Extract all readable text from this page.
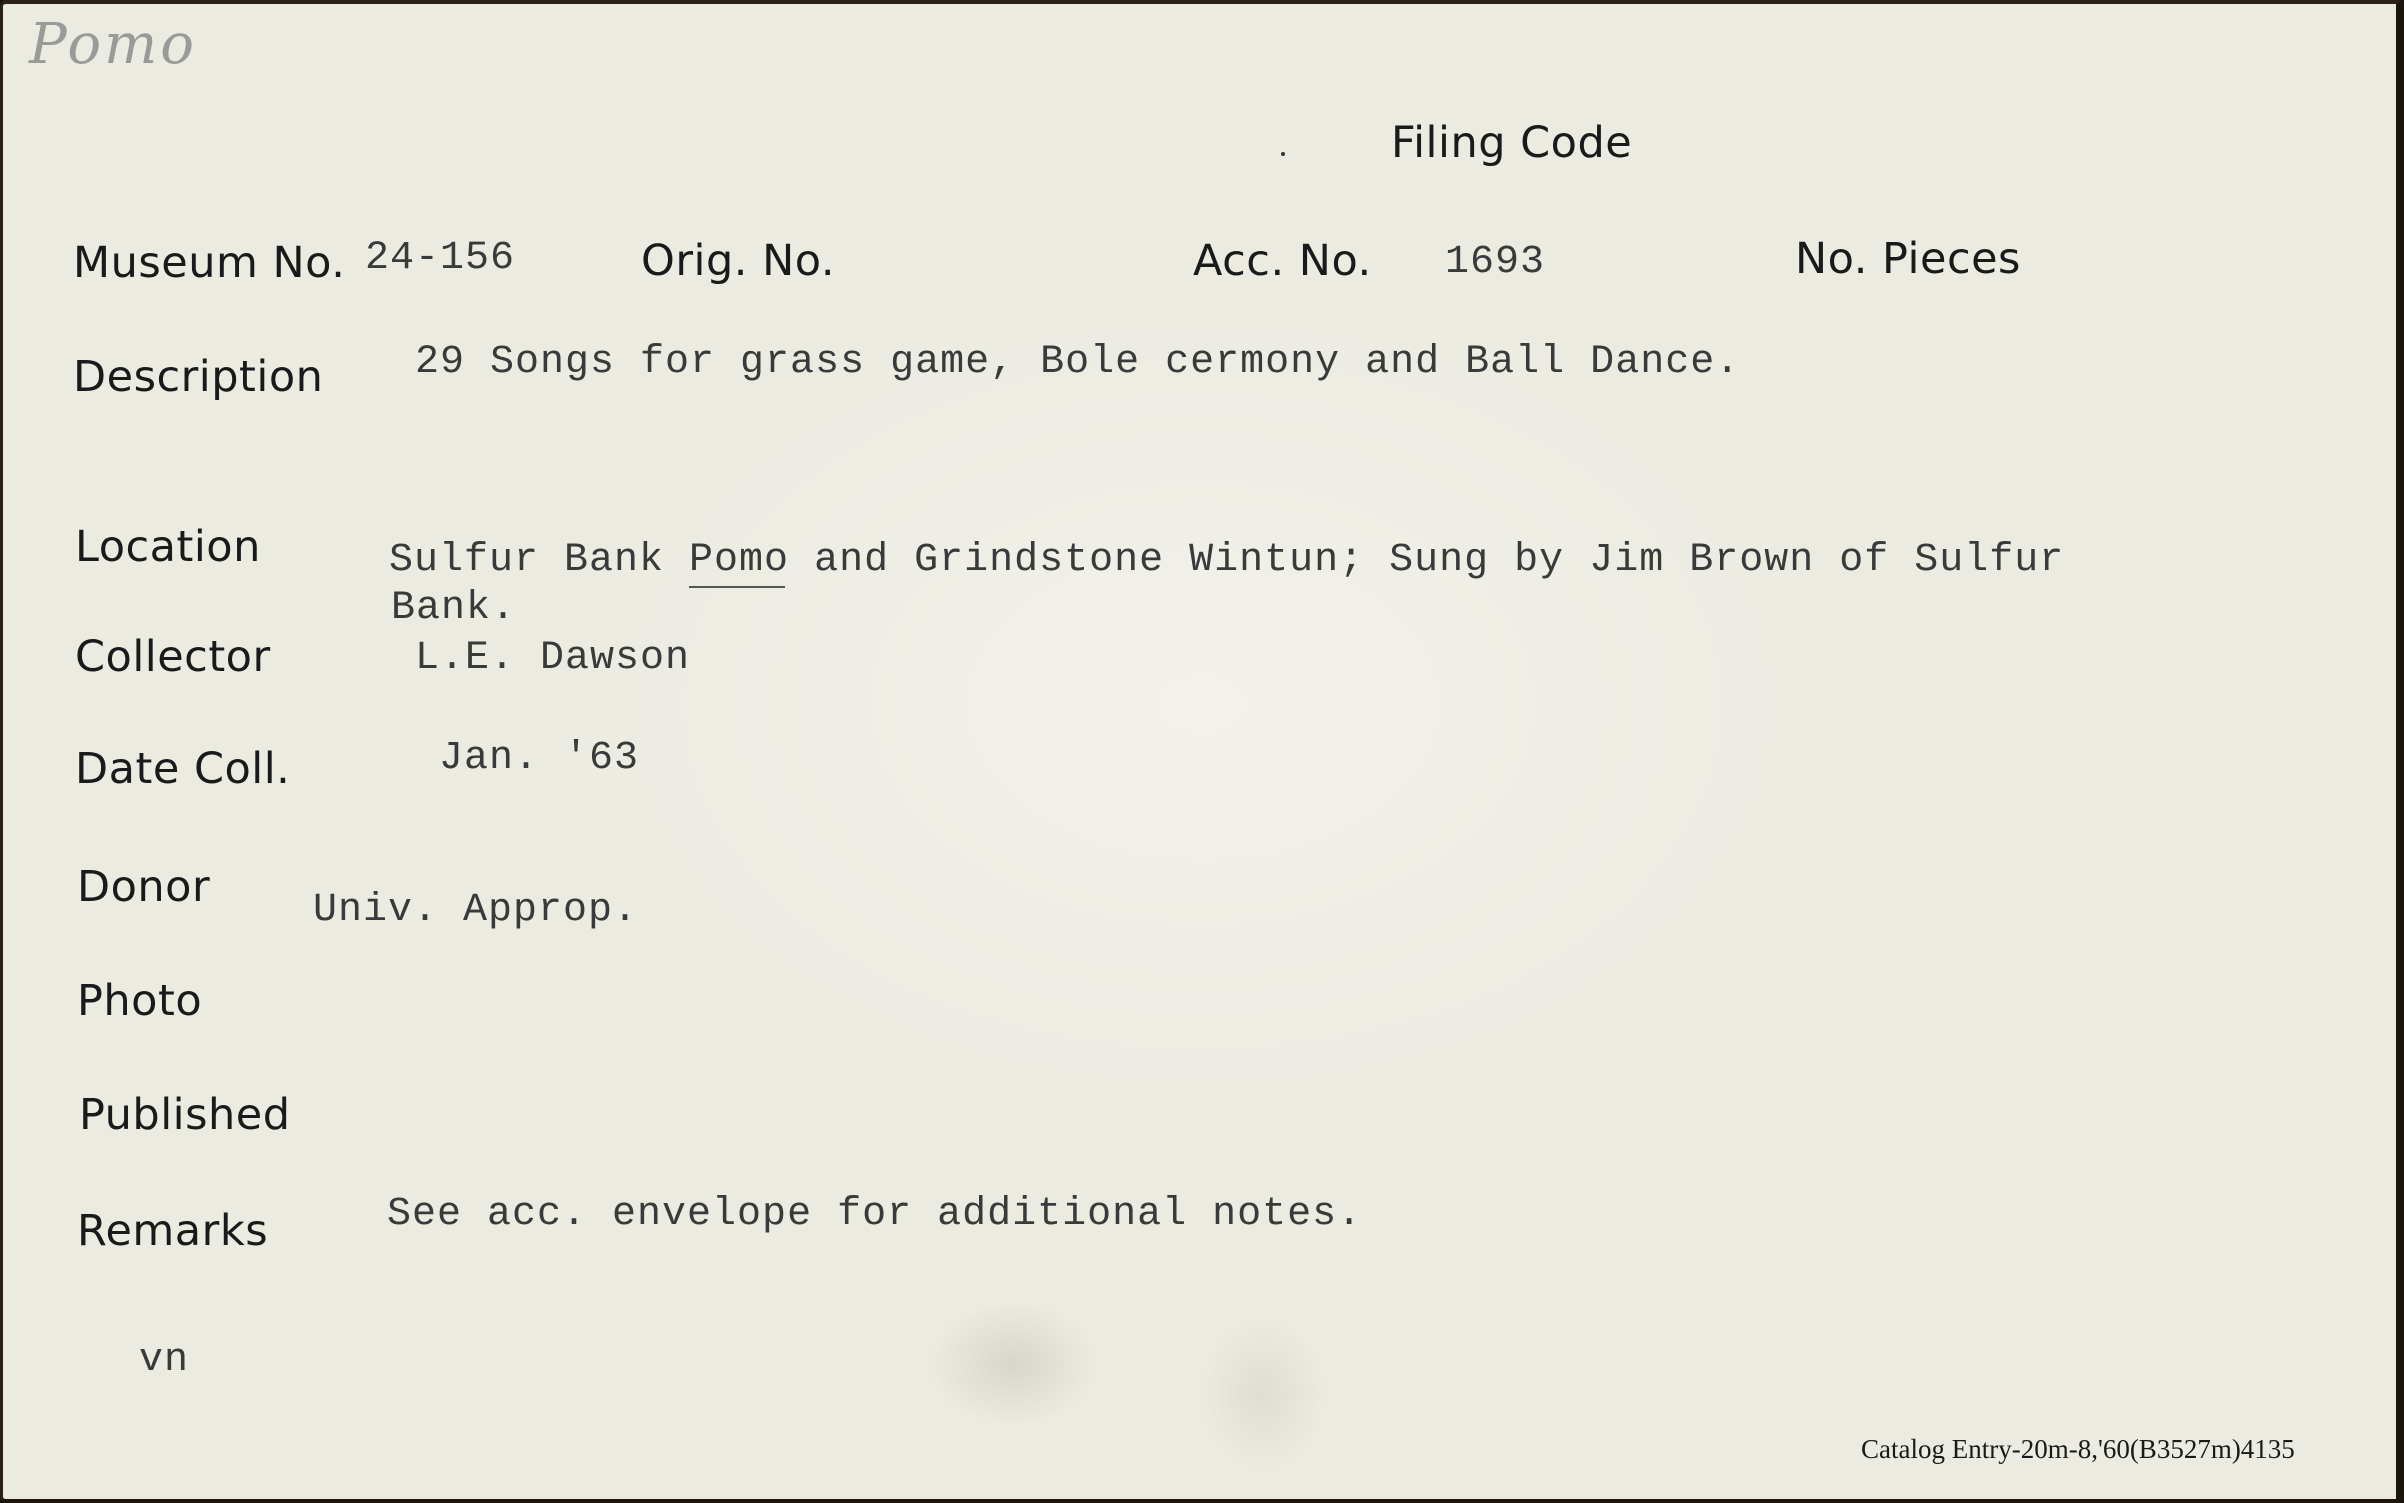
Pomo
Filing Code
Museum No. 24-156	Orig. No.	Acc. No. 1693	No. Pieces
Description 29 Songs for grass game, Bole cermony and Ball Dance.
Location	Sulfur Bank Pomo and Grindstone Wintun; Sung by Jim Brown of Sulfur
Bank.
Collector	L.E. Dawson
Date Coll.	Jan. '63
Donor	Univ. Approp.
Photo
Published
Remarks	See acc. envelope for additional notes.
vn
Catalog Entry-20m-8,'60(B3527m)4135
